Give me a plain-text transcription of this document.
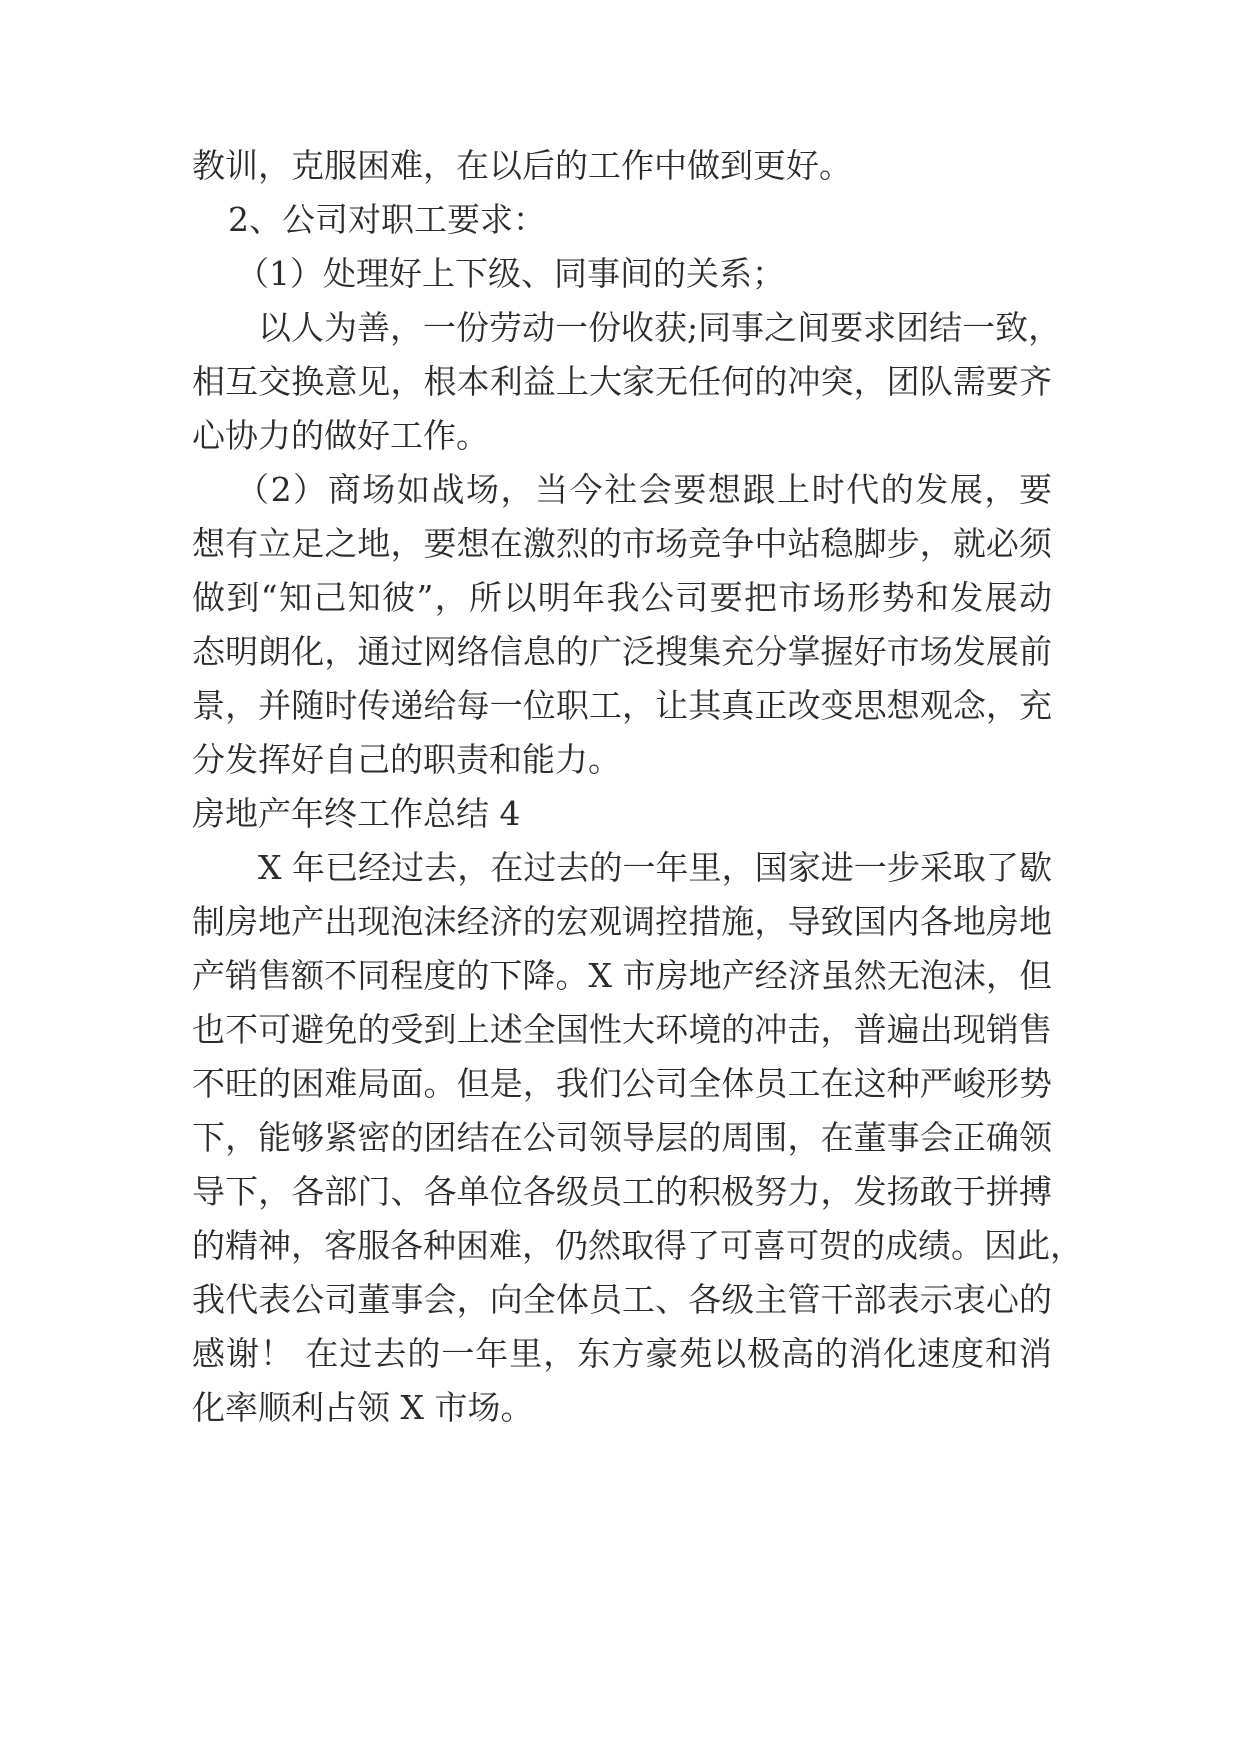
教训，克服困难，在以后的工作中做到更好。
2、公司对职工要求：
（1）处理好上下级、同事间的关系；
以人为善，一份劳动一份收获;同事之间要求团结一致，
相互交换意见，根本利益上大家无任何的冲突，团队需要齐
心协力的做好工作。
（2）商场如战场，当今社会要想跟上时代的发展，要
想有立足之地，要想在激烈的市场竞争中站稳脚步，就必须
做到“知己知彼”，所以明年我公司要把市场形势和发展动
态明朗化，通过网络信息的广泛搜集充分掌握好市场发展前
景，并随时传递给每一位职工，让其真正改变思想观念，充
分发挥好自己的职责和能力。
房地产年终工作总结 4
X 年已经过去，在过去的一年里，国家进一步采取了歇
制房地产出现泡沫经济的宏观调控措施，导致国内各地房地
产销售额不同程度的下降。X 市房地产经济虽然无泡沫，但
也不可避免的受到上述全国性大环境的冲击，普遍出现销售
不旺的困难局面。但是，我们公司全体员工在这种严峻形势
下，能够紧密的团结在公司领导层的周围，在董事会正确领
导下，各部门、各单位各级员工的积极努力，发扬敢于拼搏
的精神，客服各种困难，仍然取得了可喜可贺的成绩。因此，
我代表公司董事会，向全体员工、各级主管干部表示衷心的
感谢！ 在过去的一年里，东方豪苑以极高的消化速度和消
化率顺利占领 X 市场。
